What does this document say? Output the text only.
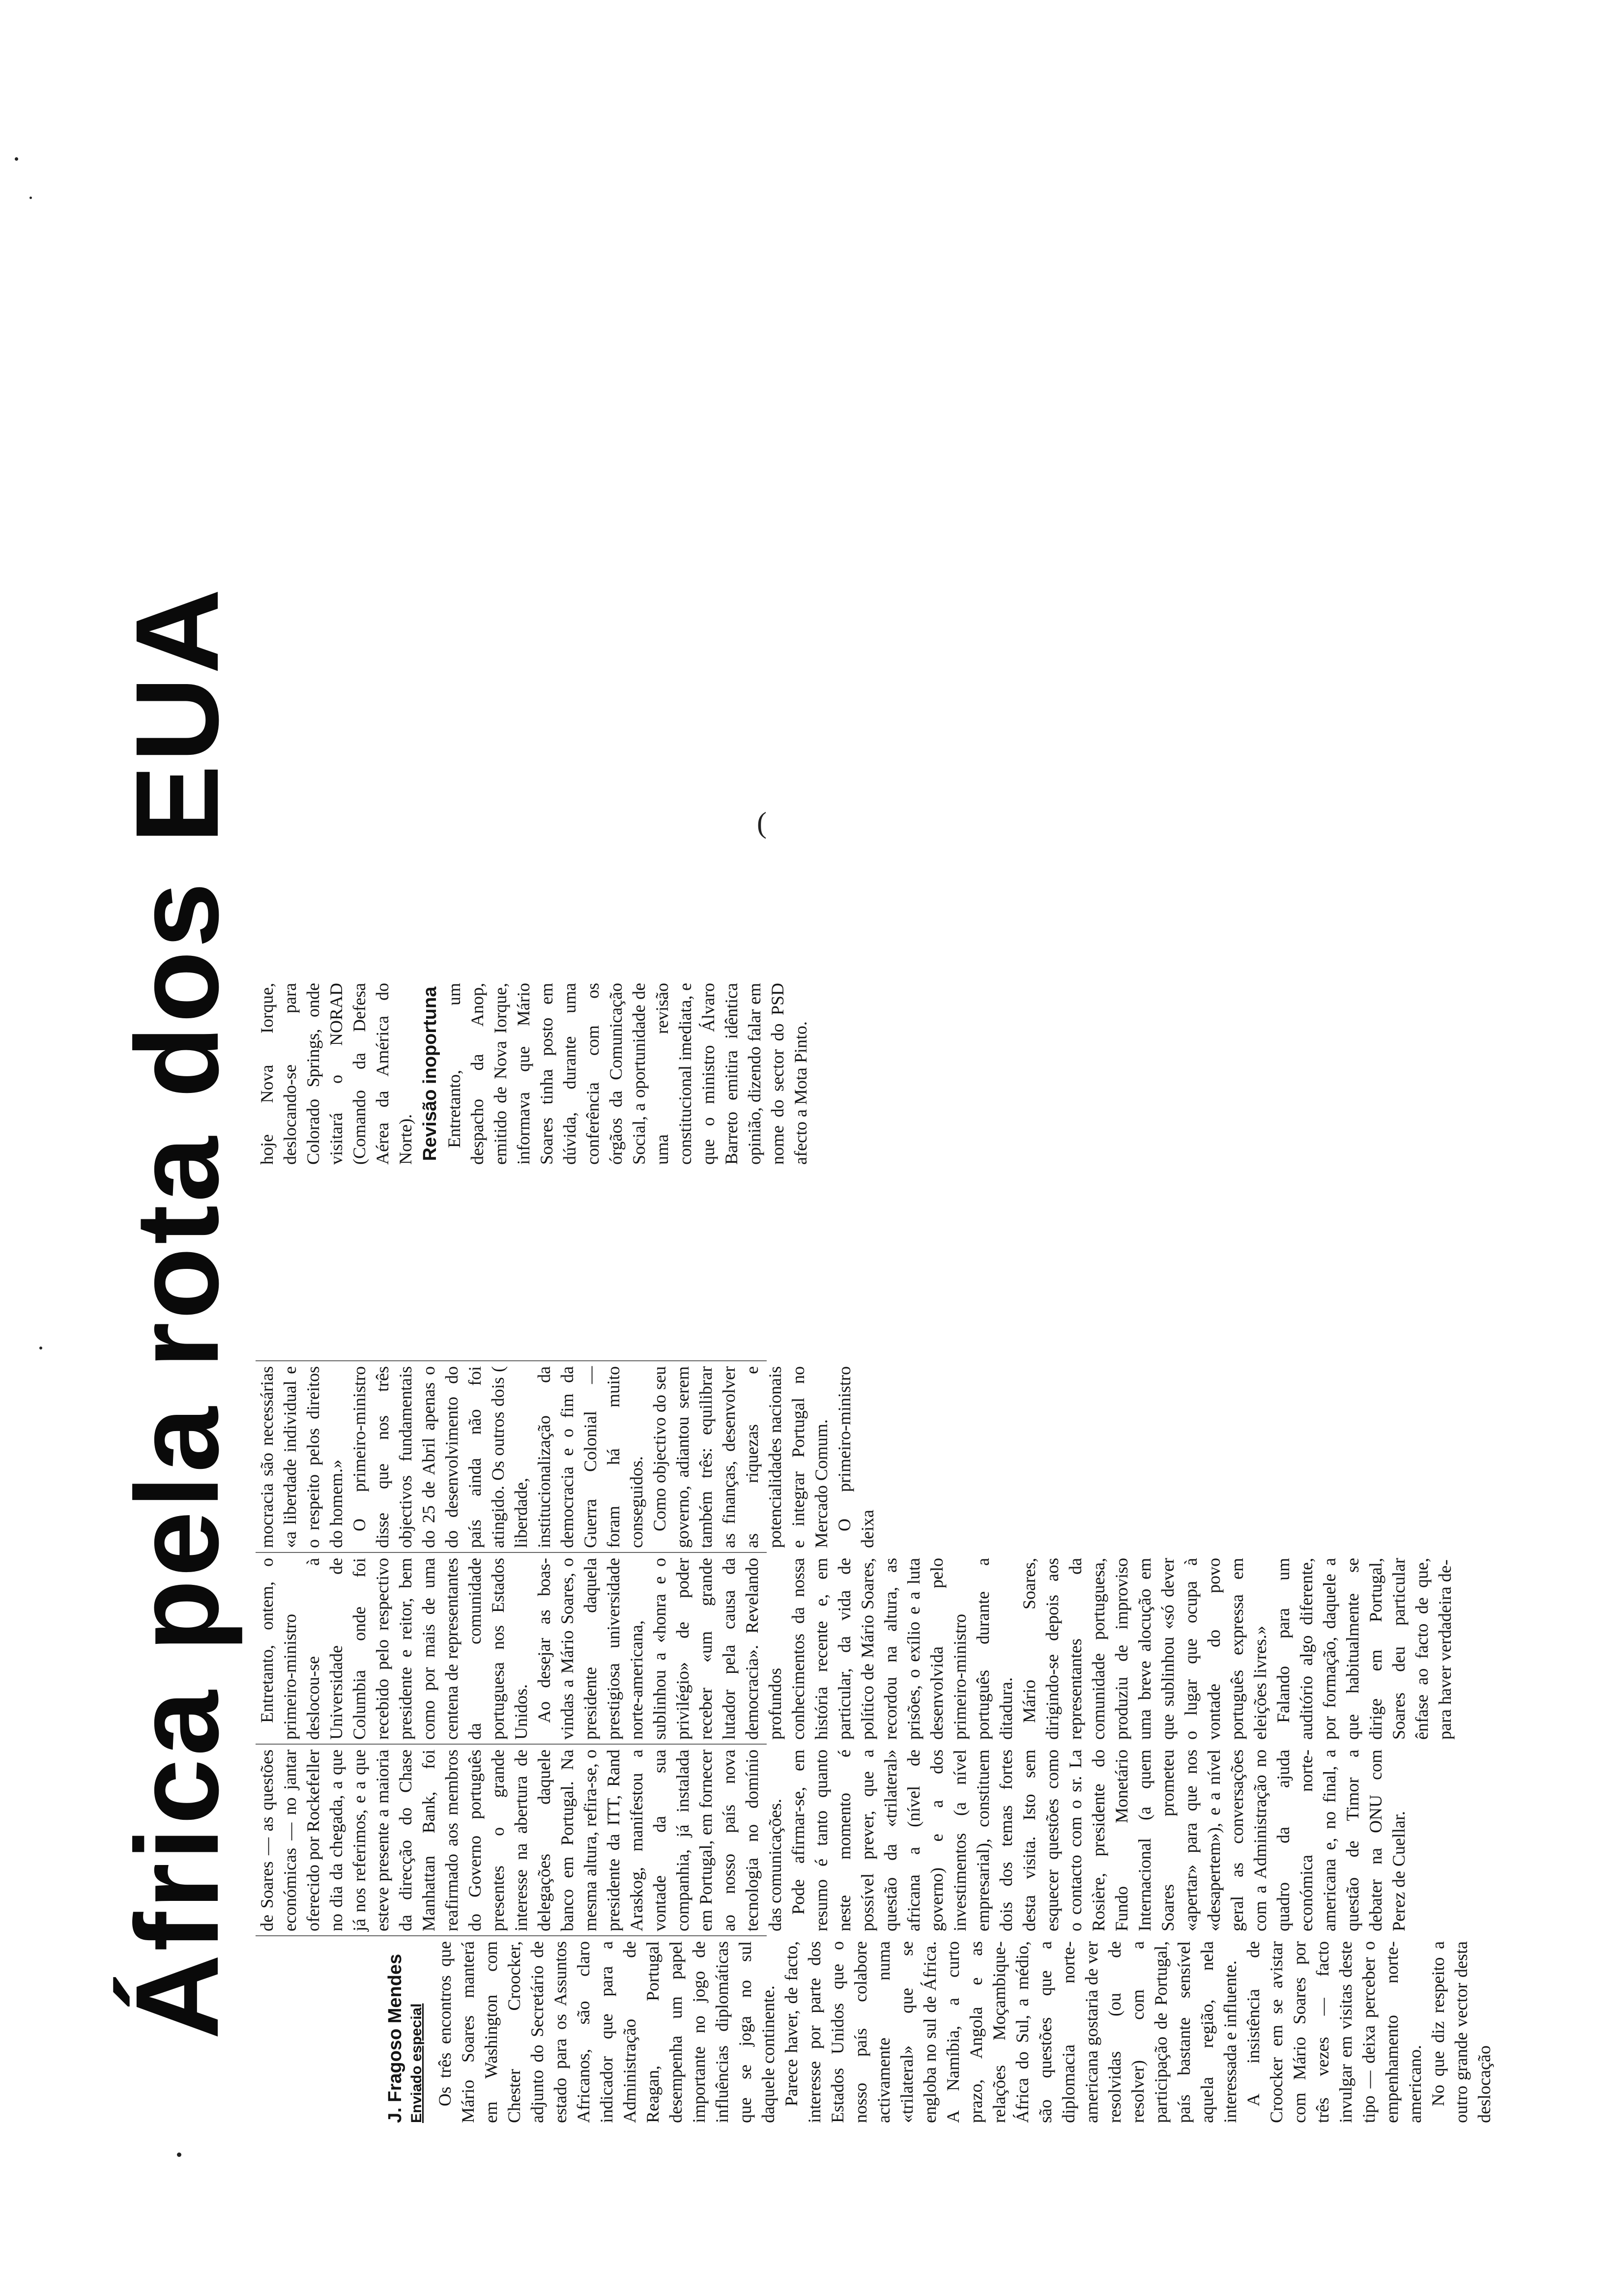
África pela rota dos EUA	J. Fragoso Mendes Enviado especial Os três encontros que Mário Soares manterá em Washington com Chester Croocker, adjunto do Secretário de estado para os Assuntos Africanos, são claro indicador que para a Administração de Reagan, Portugal desempenha um papel importante no jogo de influências diplomáticas que se joga no sul daquele continente. Parece haver, de facto, interesse por parte dos Estados Unidos que o nosso país colabore activamente numa «trilateral» que se engloba no sul de África. A Namíbia, a curto prazo, Angola e as relações Moçambique-África do Sul, a médio, são questões que a diplomacia norte-americana gostaria de ver resolvidas (ou de resolver) com a participação de Portugal, país bastante sensível aquela região, nela interessada e influente. A insistência de Croocker em se avistar com Mário Soares por três vezes — facto invulgar em visitas deste tipo — deixa perceber o empenhamento norte-americano. No que diz respeito a outro grande vector desta deslocação

de Soares — as questões económicas — no jantar oferecido por Rockefeller no dia da chegada, a que já nos referimos, e a que esteve presente a maioria da direcção do Chase Manhattan Bank, foi reafirmado aos membros do Governo português presentes o grande interesse na abertura de delegações daquele banco em Portugal. Na mesma altura, refira-se, o presidente da ITT, Rand Araskog, manifestou a vontade da sua companhia, já instalada em Portugal, em fornecer ao nosso país nova tecnologia no domínio das comunicações. Pode afirmar-se, em resumo é tanto quanto neste momento é possível prever, que a questão da «trilateral» africana a (nível de governo) e a dos investimentos (a nível empresarial), constituem dois dos temas fortes desta visita. Isto sem esquecer questões como o contacto com o sr. La Rosière, presidente do Fundo Monetário Internacional (a quem Soares prometeu «apertar» para que nos «desapertem»), e a nível geral as conversações com a Administração no quadro da ajuda económica norte-americana e, no final, a questão de Timor a debater na ONU com Perez de Cuellar.

Entretanto, ontem, o primeiro-ministro deslocou-se à Universidade de Columbia onde foi recebido pelo respectivo presidente e reitor, bem como por mais de uma centena de representantes da comunidade portuguesa nos Estados Unidos. Ao desejar as boas-vindas a Mário Soares, o presidente daquela prestigiosa universidade norte-americana, sublinhou a «honra e o privilégio» de poder receber «um grande lutador pela causa da democracia». Revelando profundos conhecimentos da nossa história recente e, em particular, da vida de político de Mário Soares, recordou na altura, as prisões, o exílio e a luta desenvolvida pelo primeiro-ministro português durante a ditadura. Mário Soares, dirigindo-se depois aos representantes da comunidade portuguesa, produziu de improviso uma breve alocução em que sublinhou «só dever o lugar que ocupa à vontade do povo português expressa em eleições livres.» Falando para um auditório algo diferente, por formação, daquele a que habitualmente se dirige em Portugal, Soares deu particular ênfase ao facto de que, para haver verdadeira de-

mocracia são necessárias «a liberdade individual e o respeito pelos direitos do homem.» O primeiro-ministro disse que nos três objectivos fundamentais do 25 de Abril apenas o do desenvolvimento do país ainda não foi atingido. Os outros dois ( liberdade, institucionalização da democracia e o fim da Guerra Colonial — foram há muito conseguidos. Como objectivo do seu governo, adiantou serem também três: equilibrar as finanças, desenvolver as riquezas e potencialidades nacionais e integrar Portugal no Mercado Comum. O primeiro-ministro deixa

hoje Nova Iorque, deslocando-se para Colorado Springs, onde visitará o NORAD (Comando da Defesa Aérea da América do Norte). Revisão inoportuna Entretanto, um despacho da Anop, emitido de Nova Iorque, informava que Mário Soares tinha posto em dúvida, durante uma conferência com os órgãos da Comunicação Social, a oportunidade de uma revisão constitucional imediata, e que o ministro Álvaro Barreto emitira idêntica opinião, dizendo falar em nome do sector do PSD afecto a Mota Pinto.

(
